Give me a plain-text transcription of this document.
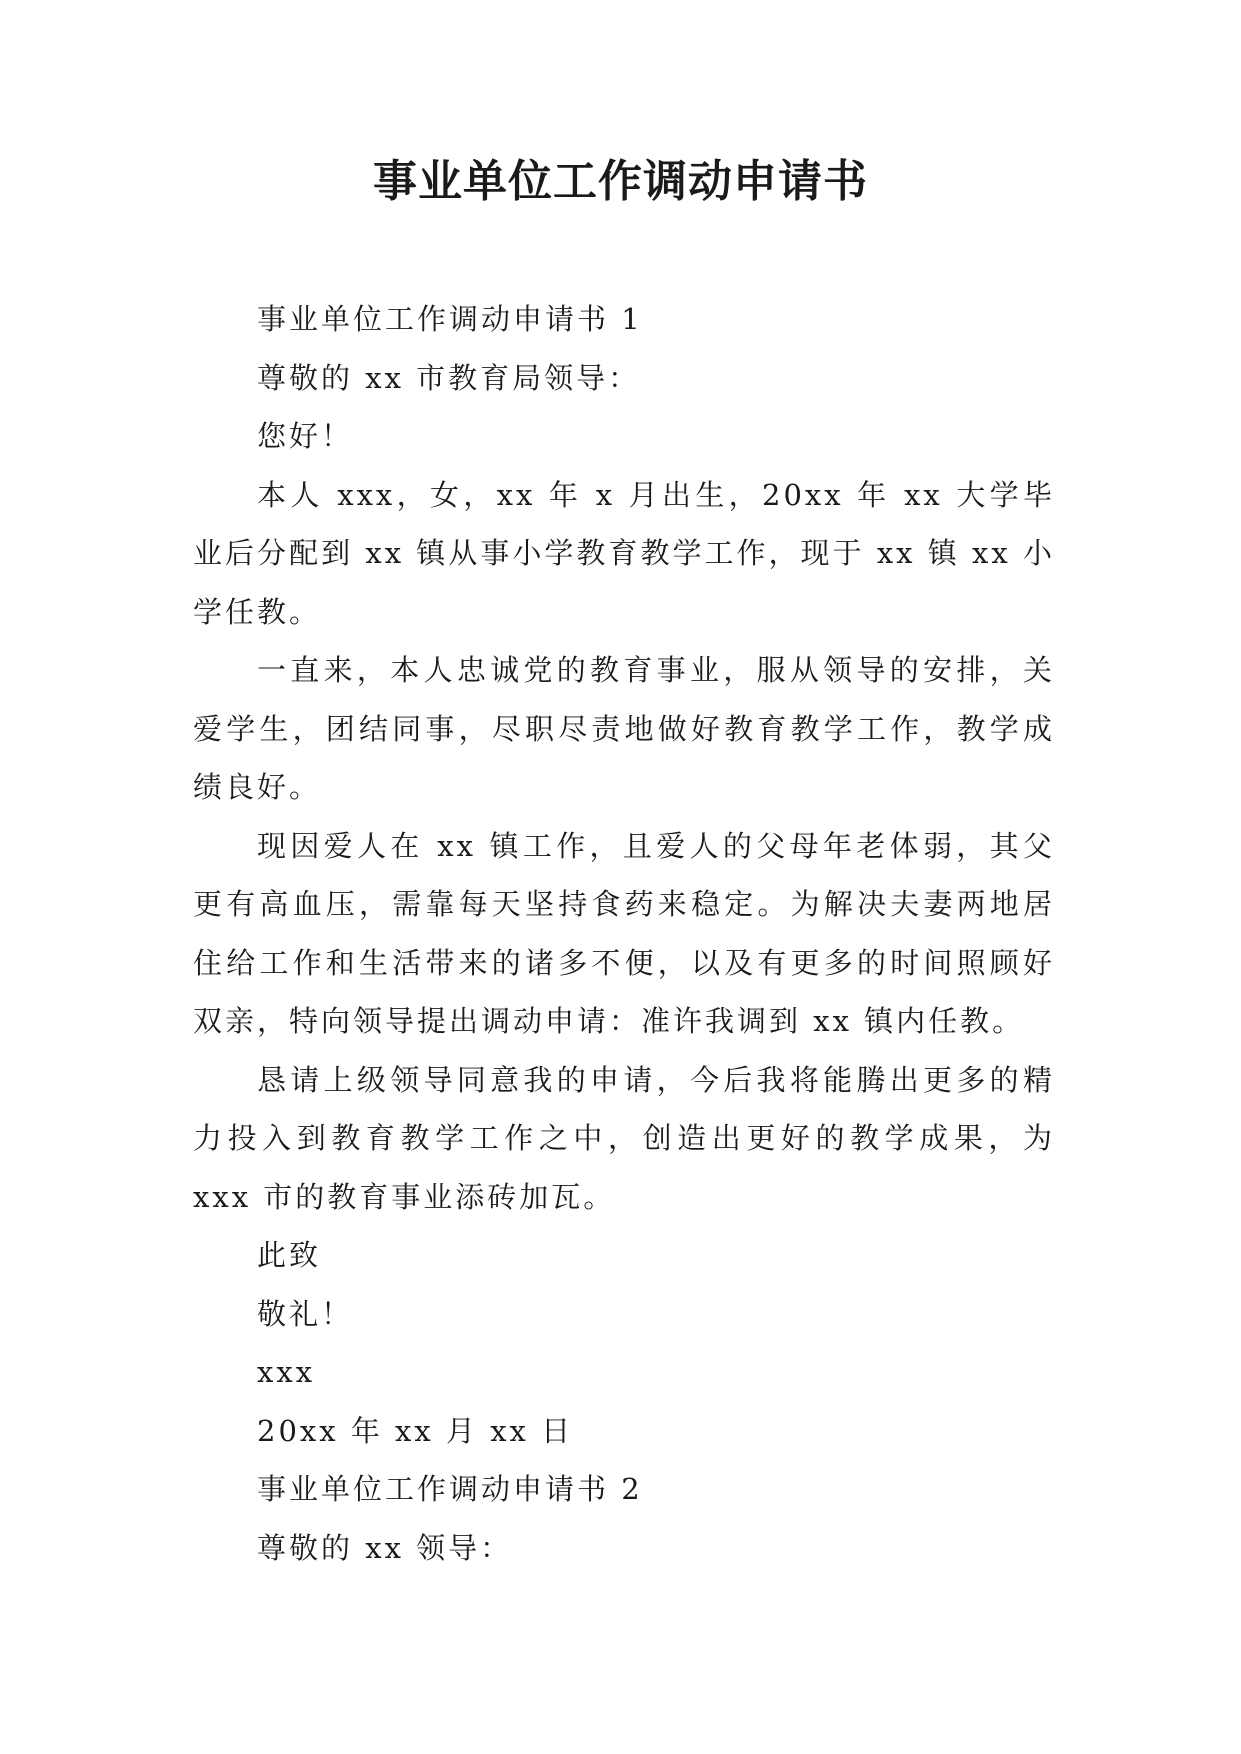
事业单位工作调动申请书

事业单位工作调动申请书 1

尊敬的 xx 市教育局领导：

您好！

本人 xxx，女，xx 年 x 月出生，20xx 年 xx 大学毕业后分配到 xx 镇从事小学教育教学工作，现于 xx 镇 xx 小学任教。

一直来，本人忠诚党的教育事业，服从领导的安排，关爱学生，团结同事，尽职尽责地做好教育教学工作，教学成绩良好。

现因爱人在 xx 镇工作，且爱人的父母年老体弱，其父更有高血压，需靠每天坚持食药来稳定。为解决夫妻两地居住给工作和生活带来的诸多不便，以及有更多的时间照顾好双亲，特向领导提出调动申请：准许我调到 xx 镇内任教。

恳请上级领导同意我的申请，今后我将能腾出更多的精力投入到教育教学工作之中，创造出更好的教学成果，为 xxx 市的教育事业添砖加瓦。

此致

敬礼！

xxx

20xx 年 xx 月 xx 日

事业单位工作调动申请书 2

尊敬的 xx 领导：
